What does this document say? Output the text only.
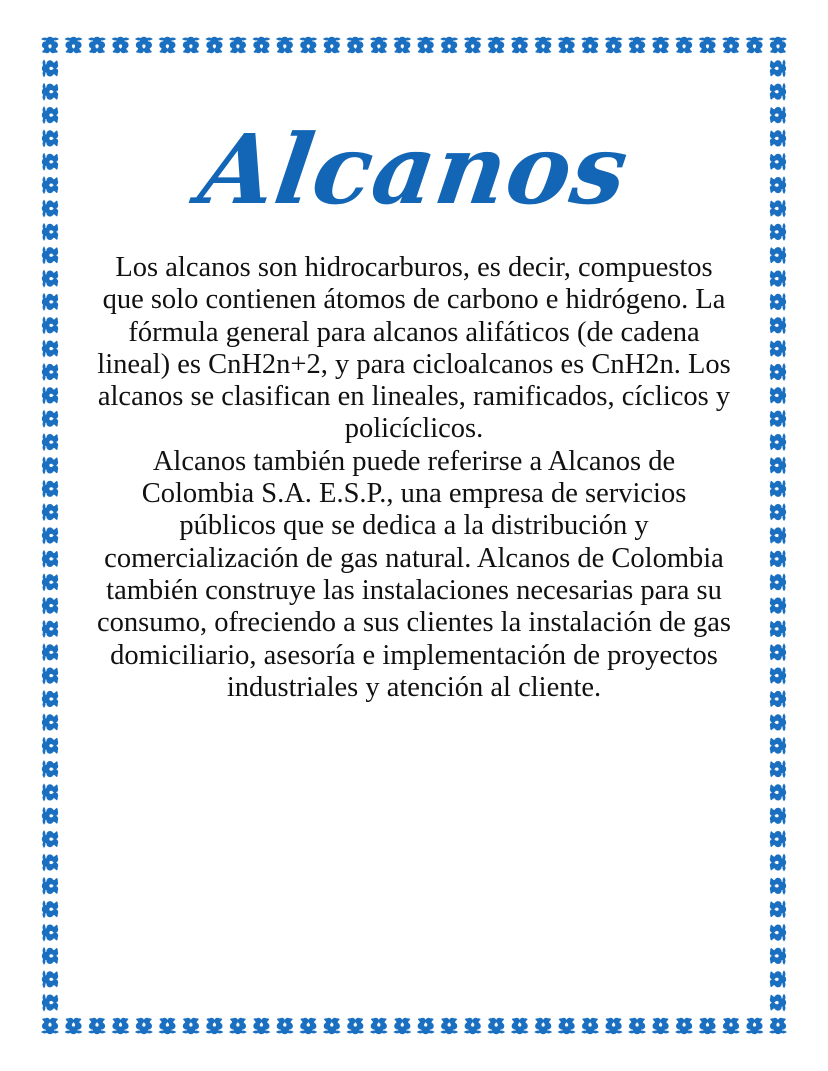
Alcanos

Los alcanos son hidrocarburos, es decir, compuestos que solo contienen átomos de carbono e hidrógeno. La fórmula general para alcanos alifáticos (de cadena lineal) es CnH2n+2, y para cicloalcanos es CnH2n. Los alcanos se clasifican en lineales, ramificados, cíclicos y policíclicos.

Alcanos también puede referirse a Alcanos de Colombia S.A. E.S.P., una empresa de servicios públicos que se dedica a la distribución y comercialización de gas natural. Alcanos de Colombia también construye las instalaciones necesarias para su consumo, ofreciendo a sus clientes la instalación de gas domiciliario, asesoría e implementación de proyectos industriales y atención al cliente.
